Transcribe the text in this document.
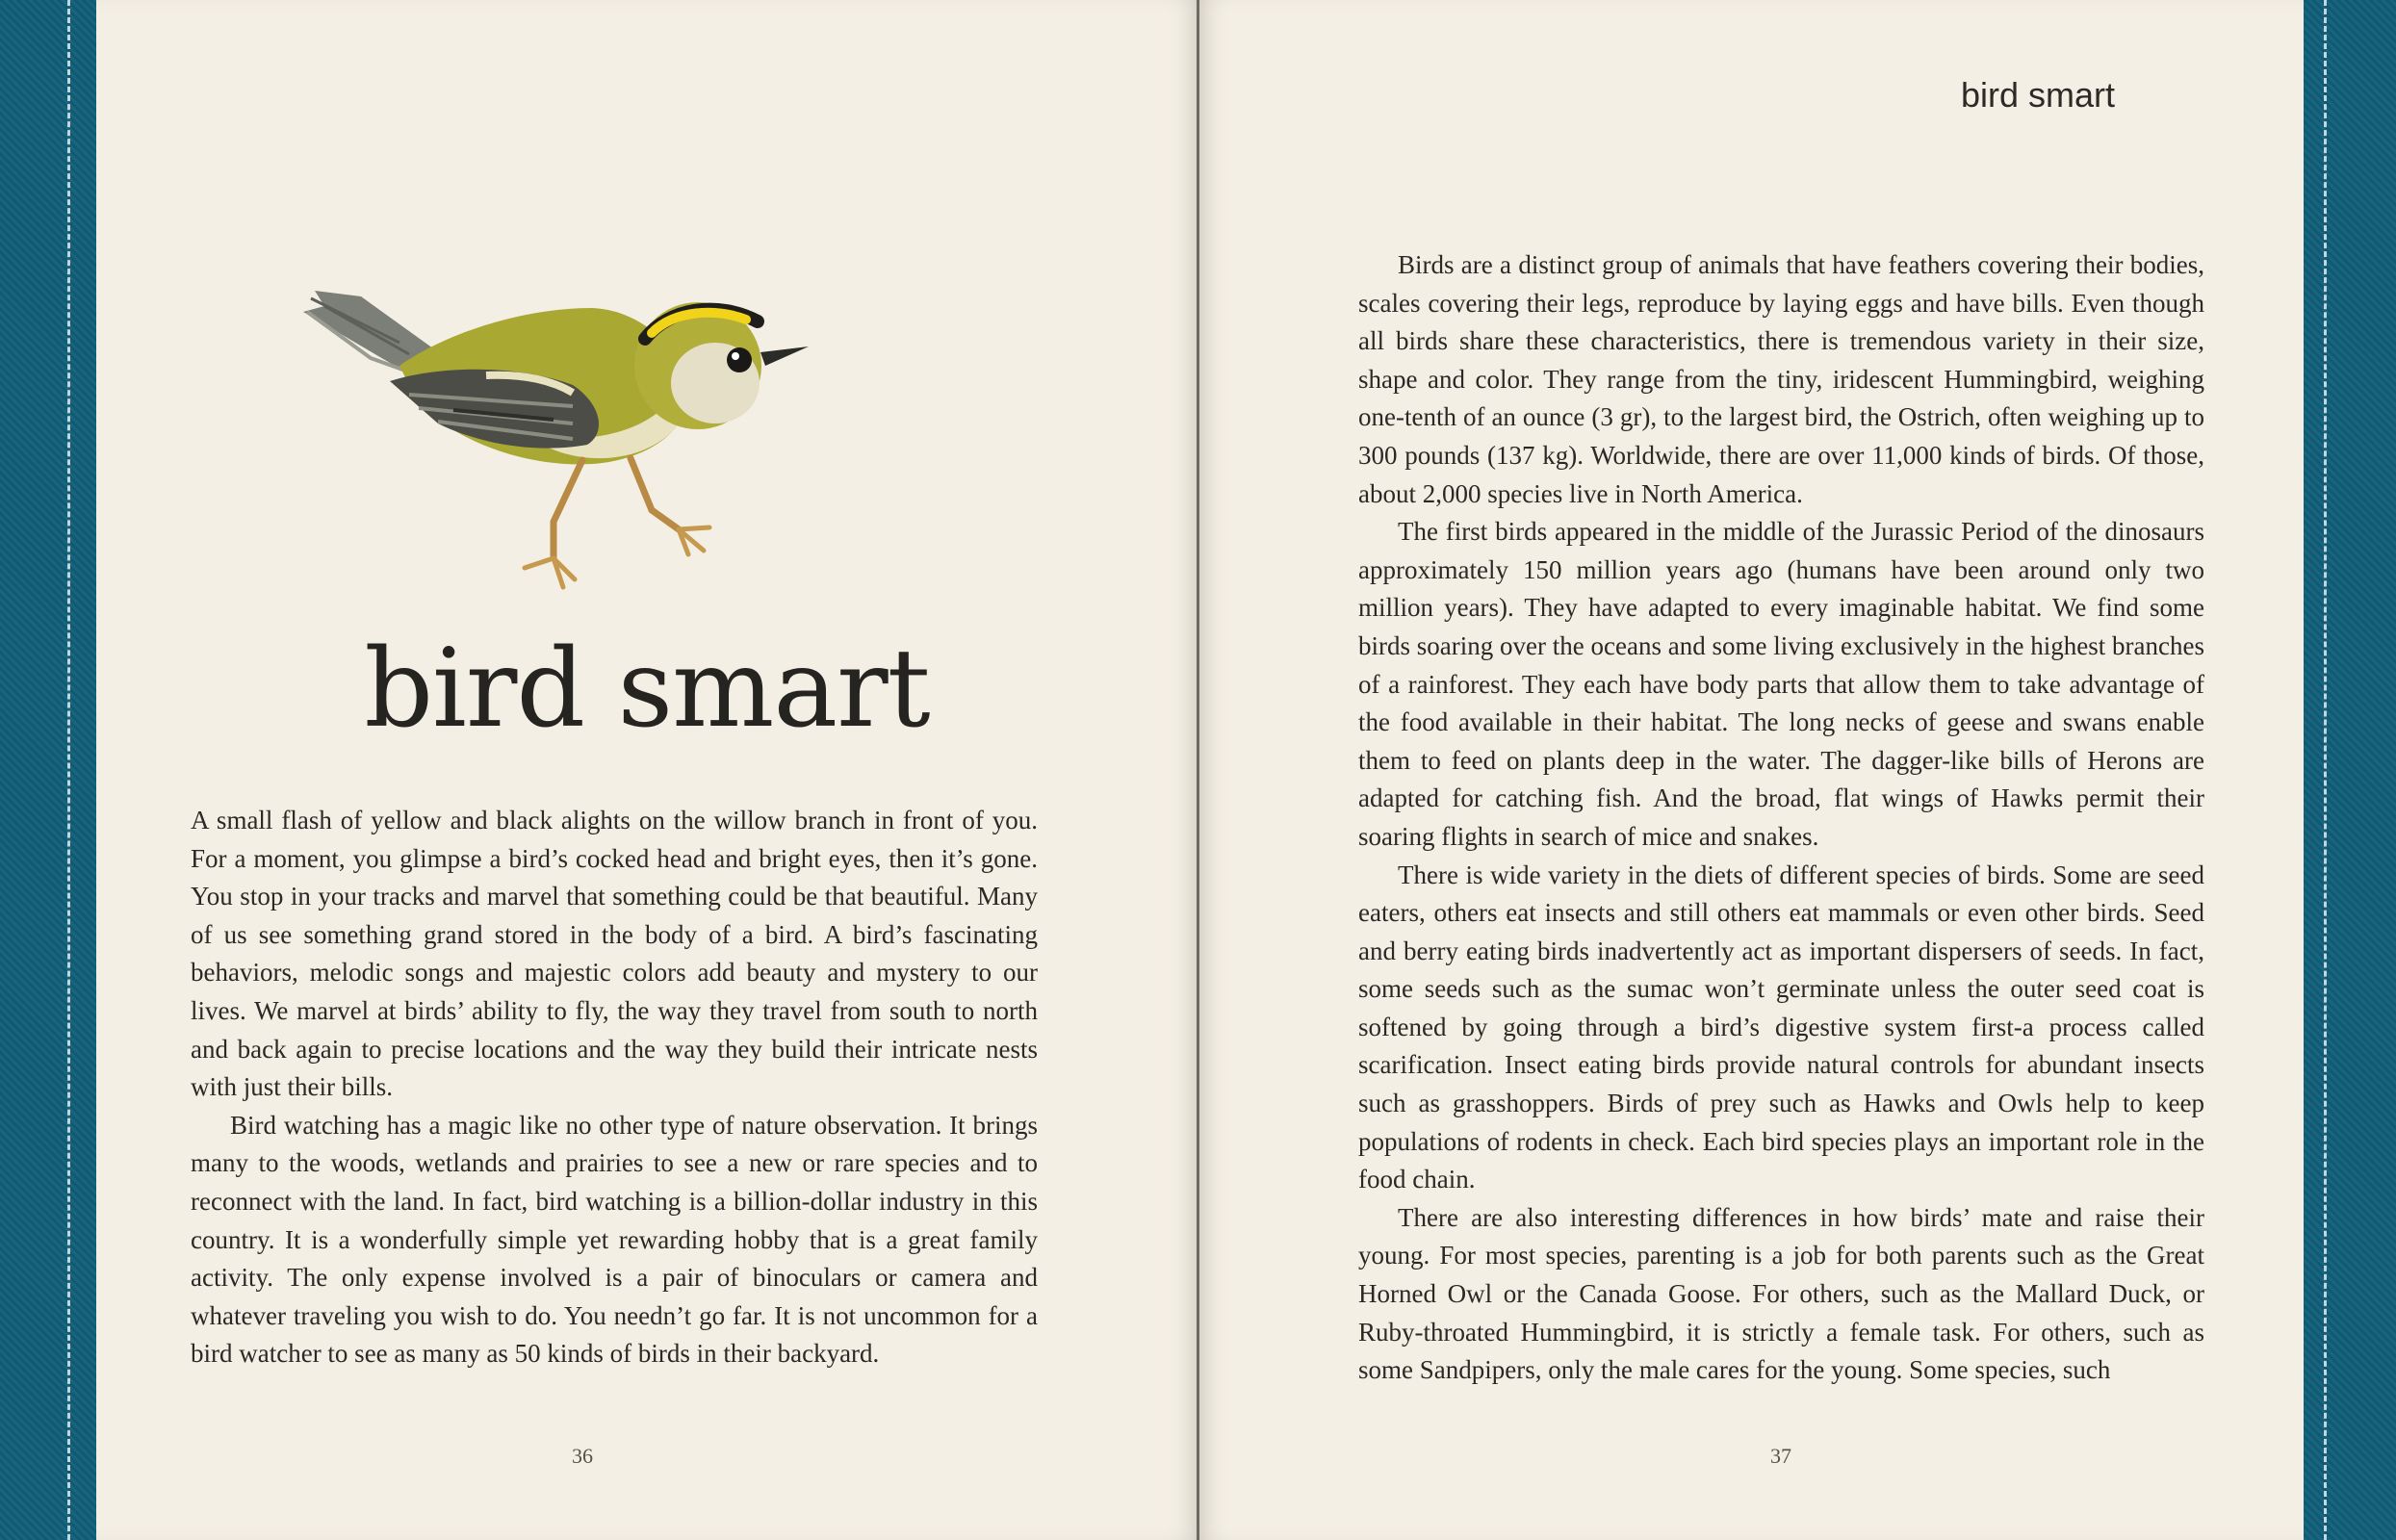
bird smart

A small flash of yellow and black alights on the willow branch in front of you. For a moment, you glimpse a bird’s cocked head and bright eyes, then it’s gone. You stop in your tracks and marvel that something could be that beautiful. Many of us see something grand stored in the body of a bird. A bird’s fascinating behaviors, melodic songs and majestic colors add beauty and mystery to our lives. We marvel at birds’ ability to fly, the way they travel from south to north and back again to precise locations and the way they build their intricate nests with just their bills.

Bird watching has a magic like no other type of nature observation. It brings many to the woods, wetlands and prairies to see a new or rare species and to reconnect with the land. In fact, bird watching is a billion-dollar industry in this country. It is a wonderfully simple yet rewarding hobby that is a great family activity. The only expense involved is a pair of binoculars or camera and whatever traveling you wish to do. You needn’t go far. It is not uncommon for a bird watcher to see as many as 50 kinds of birds in their backyard.

36
bird smart

Birds are a distinct group of animals that have feathers covering their bodies, scales covering their legs, reproduce by laying eggs and have bills. Even though all birds share these characteristics, there is tremendous variety in their size, shape and color. They range from the tiny, iridescent Hummingbird, weighing one-tenth of an ounce (3 gr), to the largest bird, the Ostrich, often weighing up to 300 pounds (137 kg). Worldwide, there are over 11,000 kinds of birds. Of those, about 2,000 species live in North America.

The first birds appeared in the middle of the Jurassic Period of the dinosaurs approximately 150 million years ago (humans have been around only two million years). They have adapted to every imaginable habitat. We find some birds soaring over the oceans and some living exclusively in the highest branches of a rainforest. They each have body parts that allow them to take advantage of the food available in their habitat. The long necks of geese and swans enable them to feed on plants deep in the water. The dagger-like bills of Herons are adapted for catching fish. And the broad, flat wings of Hawks permit their soaring flights in search of mice and snakes.

There is wide variety in the diets of different species of birds. Some are seed eaters, others eat insects and still others eat mammals or even other birds. Seed and berry eating birds inadvertently act as important dispersers of seeds. In fact, some seeds such as the sumac won’t germinate unless the outer seed coat is softened by going through a bird’s digestive system first-a process called scarification. Insect eating birds provide natural controls for abundant insects such as grasshoppers. Birds of prey such as Hawks and Owls help to keep populations of rodents in check. Each bird species plays an important role in the food chain.

There are also interesting differences in how birds’ mate and raise their young. For most species, parenting is a job for both parents such as the Great Horned Owl or the Canada Goose. For others, such as the Mallard Duck, or Ruby-throated Hummingbird, it is strictly a female task. For others, such as some Sandpipers, only the male cares for the young. Some species, such

37
